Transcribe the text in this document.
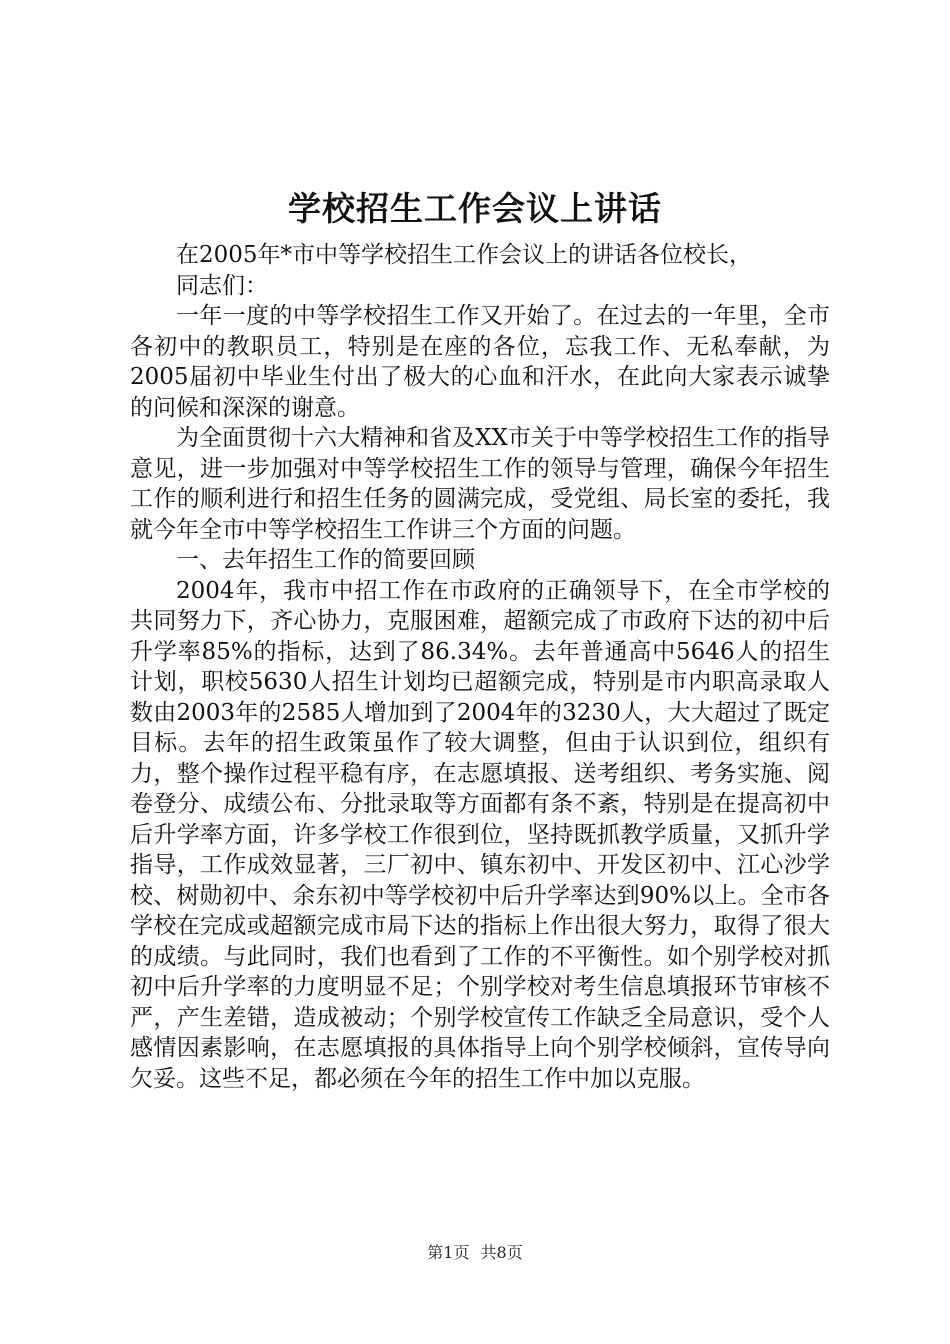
学校招生工作会议上讲话

在2005年*市中等学校招生工作会议上的讲话各位校长，

同志们：

一年一度的中等学校招生工作又开始了。在过去的一年里，全市各初中的教职员工，特别是在座的各位，忘我工作、无私奉献，为2005届初中毕业生付出了极大的心血和汗水，在此向大家表示诚挚的问候和深深的谢意。

为全面贯彻十六大精神和省及XX市关于中等学校招生工作的指导意见，进一步加强对中等学校招生工作的领导与管理，确保今年招生工作的顺利进行和招生任务的圆满完成，受党组、局长室的委托，我就今年全市中等学校招生工作讲三个方面的问题。

一、去年招生工作的简要回顾

2004年，我市中招工作在市政府的正确领导下，在全市学校的共同努力下，齐心协力，克服困难，超额完成了市政府下达的初中后升学率85%的指标，达到了86.34%。去年普通高中5646人的招生计划，职校5630人招生计划均已超额完成，特别是市内职高录取人数由2003年的2585人增加到了2004年的3230人，大大超过了既定目标。去年的招生政策虽作了较大调整，但由于认识到位，组织有力，整个操作过程平稳有序，在志愿填报、送考组织、考务实施、阅卷登分、成绩公布、分批录取等方面都有条不紊，特别是在提高初中后升学率方面，许多学校工作很到位，坚持既抓教学质量，又抓升学指导，工作成效显著，三厂初中、镇东初中、开发区初中、江心沙学校、树勋初中、余东初中等学校初中后升学率达到90%以上。全市各学校在完成或超额完成市局下达的指标上作出很大努力，取得了很大的成绩。与此同时，我们也看到了工作的不平衡性。如个别学校对抓初中后升学率的力度明显不足；个别学校对考生信息填报环节审核不严，产生差错，造成被动；个别学校宣传工作缺乏全局意识，受个人感情因素影响，在志愿填报的具体指导上向个别学校倾斜，宣传导向欠妥。这些不足，都必须在今年的招生工作中加以克服。

第1页 共8页
